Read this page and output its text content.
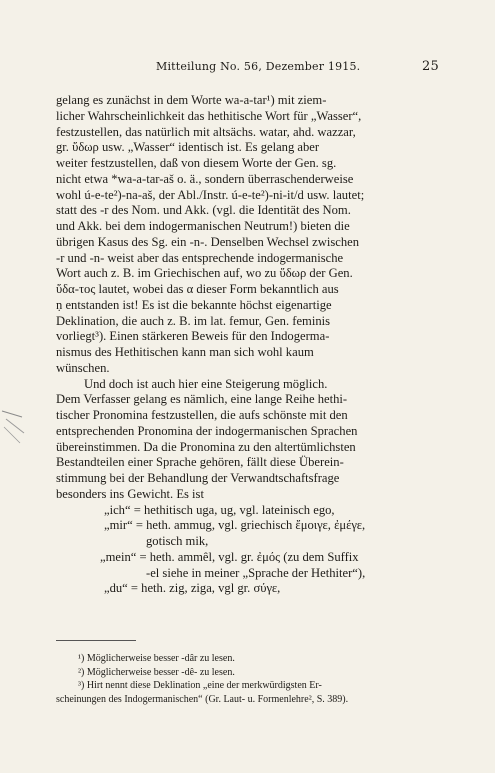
Mitteilung No. 56, Dezember 1915.	25

gelang es zunächst in dem Worte wa-a-tar¹) mit ziem-

licher Wahrscheinlichkeit das hethitische Wort für „Wasser“,

festzustellen, das natürlich mit altsächs. watar, ahd. wazzar,

gr. ὕδωρ usw. „Wasser“ identisch ist. Es gelang aber

weiter festzustellen, daß von diesem Worte der Gen. sg.

nicht etwa *wa-a-tar-aš o. ä., sondern überraschenderweise

wohl ú-e-te²)-na-aš, der Abl./Instr. ú-e-te²)-ni-it/d usw. lautet;

statt des -r des Nom. und Akk. (vgl. die Identität des Nom.

und Akk. bei dem indogermanischen Neutrum!) bieten die

übrigen Kasus des Sg. ein -n-. Denselben Wechsel zwischen

-r und -n- weist aber das entsprechende indogermanische

Wort auch z. B. im Griechischen auf, wo zu ὕδωρ der Gen.

ὕδα-τος lautet, wobei das α dieser Form bekanntlich aus

ṇ entstanden ist! Es ist die bekannte höchst eigenartige

Deklination, die auch z. B. im lat. femur, Gen. feminis

vorliegt³). Einen stärkeren Beweis für den Indogerma-

nismus des Hethitischen kann man sich wohl kaum

wünschen.

Und doch ist auch hier eine Steigerung möglich.

Dem Verfasser gelang es nämlich, eine lange Reihe hethi-

tischer Pronomina festzustellen, die aufs schönste mit den

entsprechenden Pronomina der indogermanischen Sprachen

übereinstimmen. Da die Pronomina zu den altertümlichsten

Bestandteilen einer Sprache gehören, fällt diese Überein-

stimmung bei der Behandlung der Verwandtschaftsfrage

besonders ins Gewicht. Es ist

„ich“ = hethitisch uga, ug, vgl. lateinisch ego,

„mir“ = heth. ammug, vgl. griechisch ἔμοιγε, ἐμέγε,

gotisch mik,

„mein“ = heth. ammêl, vgl. gr. ἐμός (zu dem Suffix

-el siehe in meiner „Sprache der Hethiter“),

„du“ = heth. zig, ziga, vgl gr. σύγε,

¹) Möglicherweise besser -dâr zu lesen.

²) Möglicherweise besser -dê- zu lesen.

³) Hirt nennt diese Deklination „eine der merkwürdigsten Er-

scheinungen des Indogermanischen“ (Gr. Laut- u. Formenlehre², S. 389).
